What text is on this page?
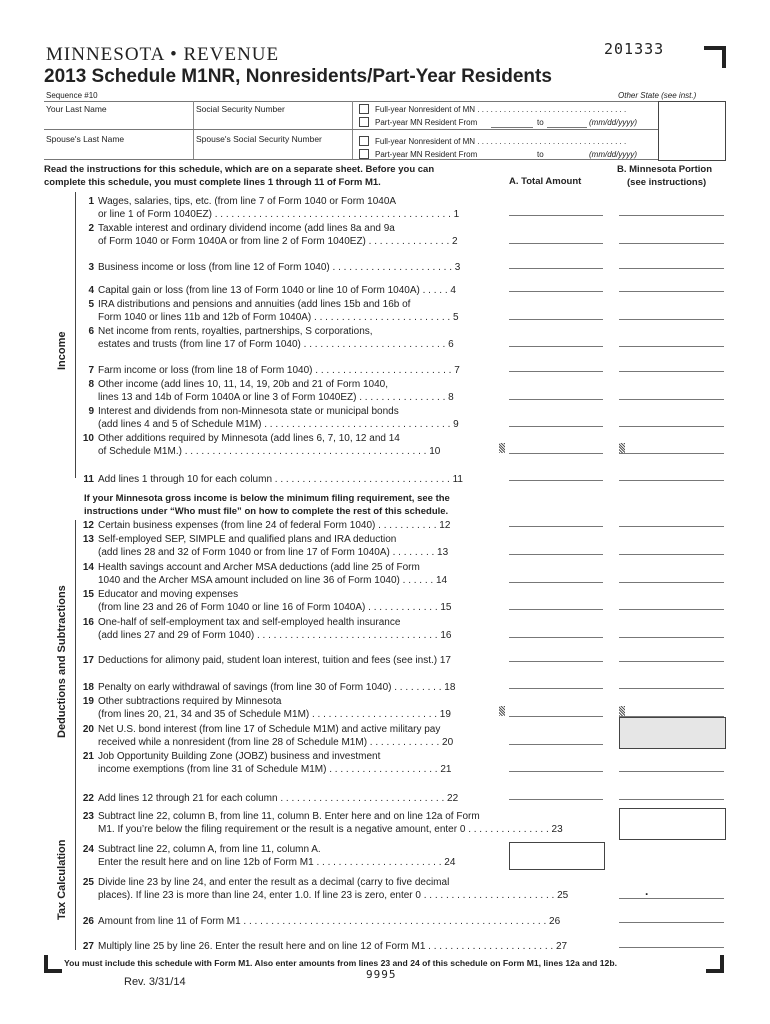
MINNESOTA • REVENUE	201333
2013 Schedule M1NR, Nonresidents/Part-Year Residents
Sequence #10	Other State (see inst.)
Your Last Name	Social Security Number
Spouse's Last Name	Spouse's Social Security Number
Full-year Nonresident of MN . . . . . . . . . . . . . . . . . . . . . . . . . . . . . . . . . .
Part-year MN Resident From	to	(mm/dd/yyyy)
Full-year Nonresident of MN . . . . . . . . . . . . . . . . . . . . . . . . . . . . . . . . . .
Part-year MN Resident From	to	(mm/dd/yyyy)
Read the instructions for this schedule, which are on a separate sheet. Before you can
complete this schedule, you must complete lines 1 through 11 of Form M1.	A. Total Amount
B. Minnesota Portion
(see instructions)
Income
Deductions and Subtractions
Tax Calculation
If your Minnesota gross income is below the minimum filing requirement, see the
instructions under “Who must file” on how to complete the rest of this schedule.
1 Wages, salaries, tips, etc. (from line 7 of Form 1040 or Form 1040A
or line 1 of Form 1040EZ) . . . . . . . . . . . . . . . . . . . . . . . . . . . . . . . . . . . . . . . . . . . 1
2 Taxable interest and ordinary dividend income (add lines 8a and 9a
of Form 1040 or Form 1040A or from line 2 of Form 1040EZ) . . . . . . . . . . . . . . . 2
3 Business income or loss (from line 12 of Form 1040) . . . . . . . . . . . . . . . . . . . . . . 3
4 Capital gain or loss (from line 13 of Form 1040 or line 10 of Form 1040A) . . . . . 4
5 IRA distributions and pensions and annuities (add lines 15b and 16b of
Form 1040 or lines 11b and 12b of Form 1040A) . . . . . . . . . . . . . . . . . . . . . . . . . 5
6 Net income from rents, royalties, partnerships, S corporations,
estates and trusts (from line 17 of Form 1040) . . . . . . . . . . . . . . . . . . . . . . . . . . 6
7 Farm income or loss (from line 18 of Form 1040) . . . . . . . . . . . . . . . . . . . . . . . . . 7
8 Other income (add lines 10, 11, 14, 19, 20b and 21 of Form 1040,
lines 13 and 14b of Form 1040A or line 3 of Form 1040EZ) . . . . . . . . . . . . . . . . 8
9 Interest and dividends from non-Minnesota state or municipal bonds
(add lines 4 and 5 of Schedule M1M) . . . . . . . . . . . . . . . . . . . . . . . . . . . . . . . . . . 9
10 Other additions required by Minnesota (add lines 6, 7, 10, 12 and 14
of Schedule M1M.) . . . . . . . . . . . . . . . . . . . . . . . . . . . . . . . . . . . . . . . . . . . . 10
11 Add lines 1 through 10 for each column . . . . . . . . . . . . . . . . . . . . . . . . . . . . . . . . 11
12 Certain business expenses (from line 24 of federal Form 1040) . . . . . . . . . . . 12
13 Self-employed SEP, SIMPLE and qualified plans and IRA deduction
(add lines 28 and 32 of Form 1040 or from line 17 of Form 1040A) . . . . . . . . 13
14 Health savings account and Archer MSA deductions (add line 25 of Form
1040 and the Archer MSA amount included on line 36 of Form 1040) . . . . . . 14
15 Educator and moving expenses
(from line 23 and 26 of Form 1040 or line 16 of Form 1040A) . . . . . . . . . . . . . 15
16 One-half of self-employment tax and self-employed health insurance
(add lines 27 and 29 of Form 1040) . . . . . . . . . . . . . . . . . . . . . . . . . . . . . . . . . 16
17 Deductions for alimony paid, student loan interest, tuition and fees (see inst.) 17
18 Penalty on early withdrawal of savings (from line 30 of Form 1040) . . . . . . . . . 18
19 Other subtractions required by Minnesota
(from lines 20, 21, 34 and 35 of Schedule M1M) . . . . . . . . . . . . . . . . . . . . . . . 19
20 Net U.S. bond interest (from line 17 of Schedule M1M) and active military pay
received while a nonresident (from line 28 of Schedule M1M) . . . . . . . . . . . . . 20
21 Job Opportunity Building Zone (JOBZ) business and investment
income exemptions (from line 31 of Schedule M1M) . . . . . . . . . . . . . . . . . . . . 21
22 Add lines 12 through 21 for each column . . . . . . . . . . . . . . . . . . . . . . . . . . . . . . 22
23 Subtract line 22, column B, from line 11, column B. Enter here and on line 12a of Form
M1. If you’re below the filing requirement or the result is a negative amount, enter 0 . . . . . . . . . . . . . . . 23
24 Subtract line 22, column A, from line 11, column A.
Enter the result here and on line 12b of Form M1 . . . . . . . . . . . . . . . . . . . . . . . 24
25 Divide line 23 by line 24, and enter the result as a decimal (carry to five decimal
places). If line 23 is more than line 24, enter 1.0. If line 23 is zero, enter 0 . . . . . . . . . . . . . . . . . . . . . . . . 25
26 Amount from line 11 of Form M1 . . . . . . . . . . . . . . . . . . . . . . . . . . . . . . . . . . . . . . . . . . . . . . . . . . . . . . . 26
27 Multiply line 25 by line 26. Enter the result here and on line 12 of Form M1 . . . . . . . . . . . . . . . . . . . . . . . 27
.
You must include this schedule with Form M1. Also enter amounts from lines 23 and 24 of this schedule on Form M1, lines 12a and 12b.
9995
Rev. 3/31/14
